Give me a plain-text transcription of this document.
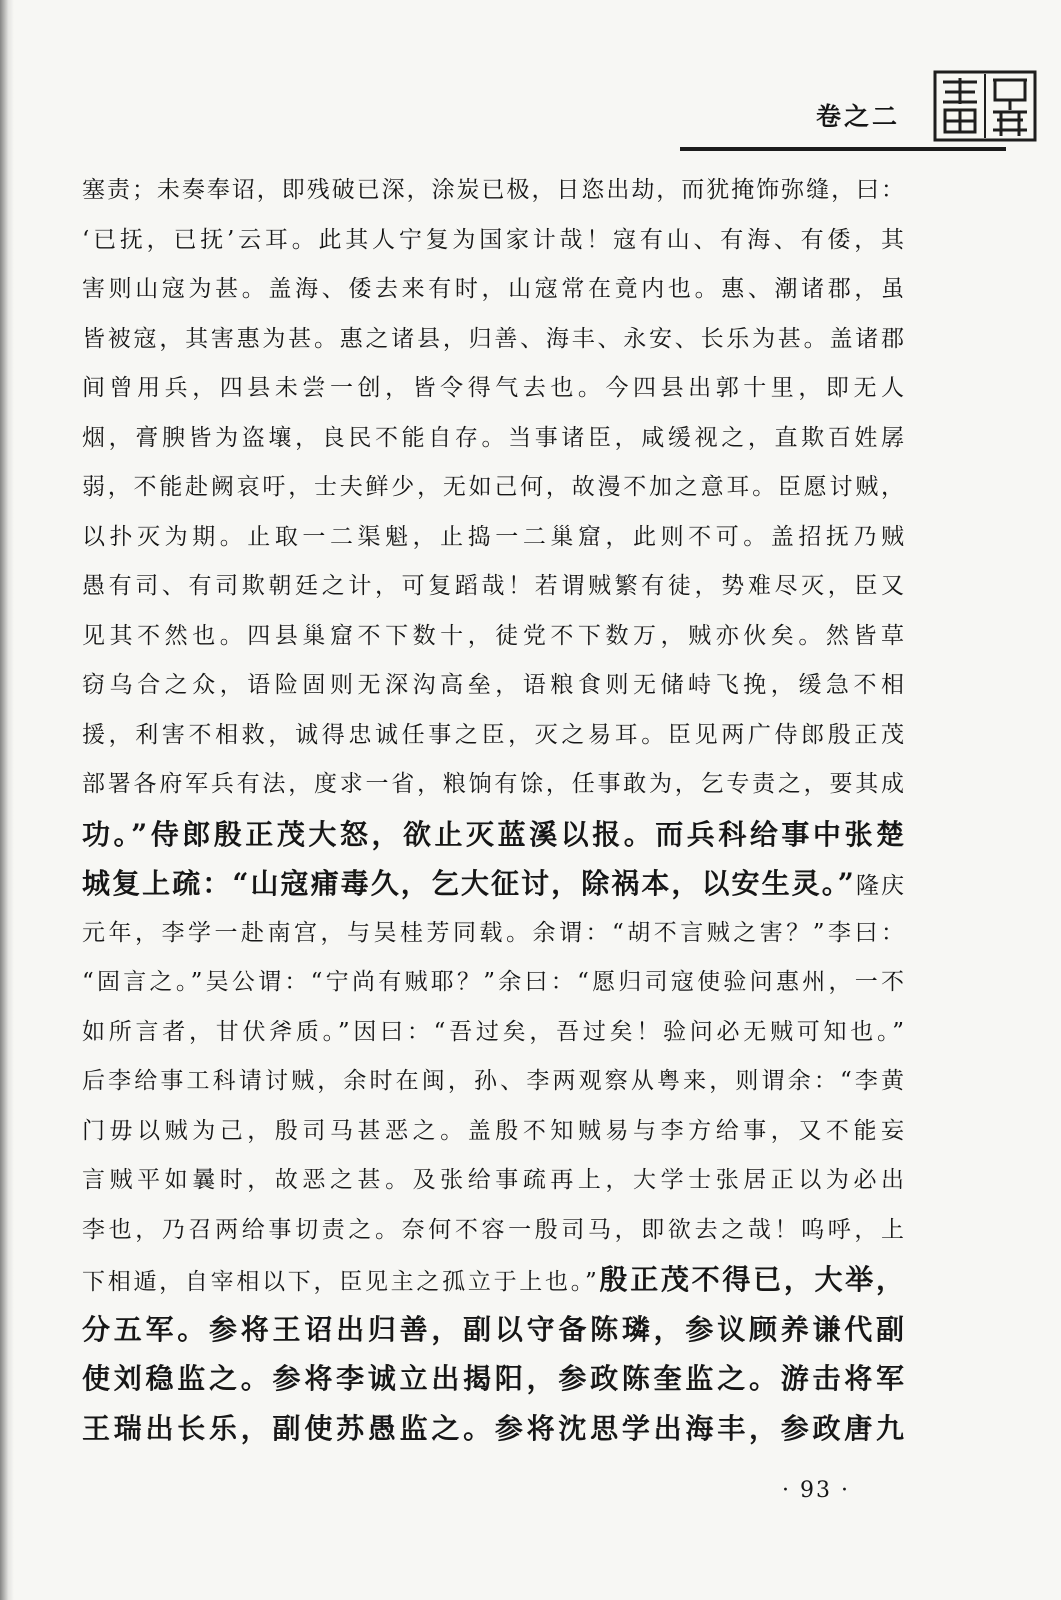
卷之二
塞责；未奏奉诏，即残破已深，涂炭已极，日恣出劫，而犹掩饰弥缝，曰：
‘已抚，已抚’云耳。此其人宁复为国家计哉！寇有山、有海、有倭，其
害则山寇为甚。盖海、倭去来有时，山寇常在竟内也。惠、潮诸郡，虽
皆被寇，其害惠为甚。惠之诸县，归善、海丰、永安、长乐为甚。盖诸郡
间曾用兵，四县未尝一创，皆令得气去也。今四县出郭十里，即无人
烟，膏腴皆为盗壤，良民不能自存。当事诸臣，咸缓视之，直欺百姓孱
弱，不能赴阙哀吁，士夫鲜少，无如己何，故漫不加之意耳。臣愿讨贼，
以扑灭为期。止取一二渠魁，止捣一二巢窟，此则不可。盖招抚乃贼
愚有司、有司欺朝廷之计，可复蹈哉！若谓贼繁有徒，势难尽灭，臣又
见其不然也。四县巢窟不下数十，徒党不下数万，贼亦伙矣。然皆草
窃乌合之众，语险固则无深沟高垒，语粮食则无储峙飞挽，缓急不相
援，利害不相救，诚得忠诚任事之臣，灭之易耳。臣见两广侍郎殷正茂
部署各府军兵有法，度求一省，粮饷有馀，任事敢为，乞专责之，要其成
功。”侍郎殷正茂大怒，欲止灭蓝溪以报。而兵科给事中张楚
城复上疏：“山寇痡毒久，乞大征讨，除祸本，以安生灵。”隆庆
元年，李学一赴南宫，与吴桂芳同载。余谓：“胡不言贼之害？”李曰：
“固言之。”吴公谓：“宁尚有贼耶？”余曰：“愿归司寇使验问惠州，一不
如所言者，甘伏斧质。”因曰：“吾过矣，吾过矣！验问必无贼可知也。”
后李给事工科请讨贼，余时在闽，孙、李两观察从粤来，则谓余：“李黄
门毋以贼为己，殷司马甚恶之。盖殷不知贼易与李方给事，又不能妄
言贼平如曩时，故恶之甚。及张给事疏再上，大学士张居正以为必出
李也，乃召两给事切责之。奈何不容一殷司马，即欲去之哉！呜呼，上
下相遁，自宰相以下，臣见主之孤立于上也。”殷正茂不得已，大举，
分五军。参将王诏出归善，副以守备陈璘，参议顾养谦代副
使刘稳监之。参将李诚立出揭阳，参政陈奎监之。游击将军
王瑞出长乐，副使苏愚监之。参将沈思学出海丰，参政唐九
· 93 ·
